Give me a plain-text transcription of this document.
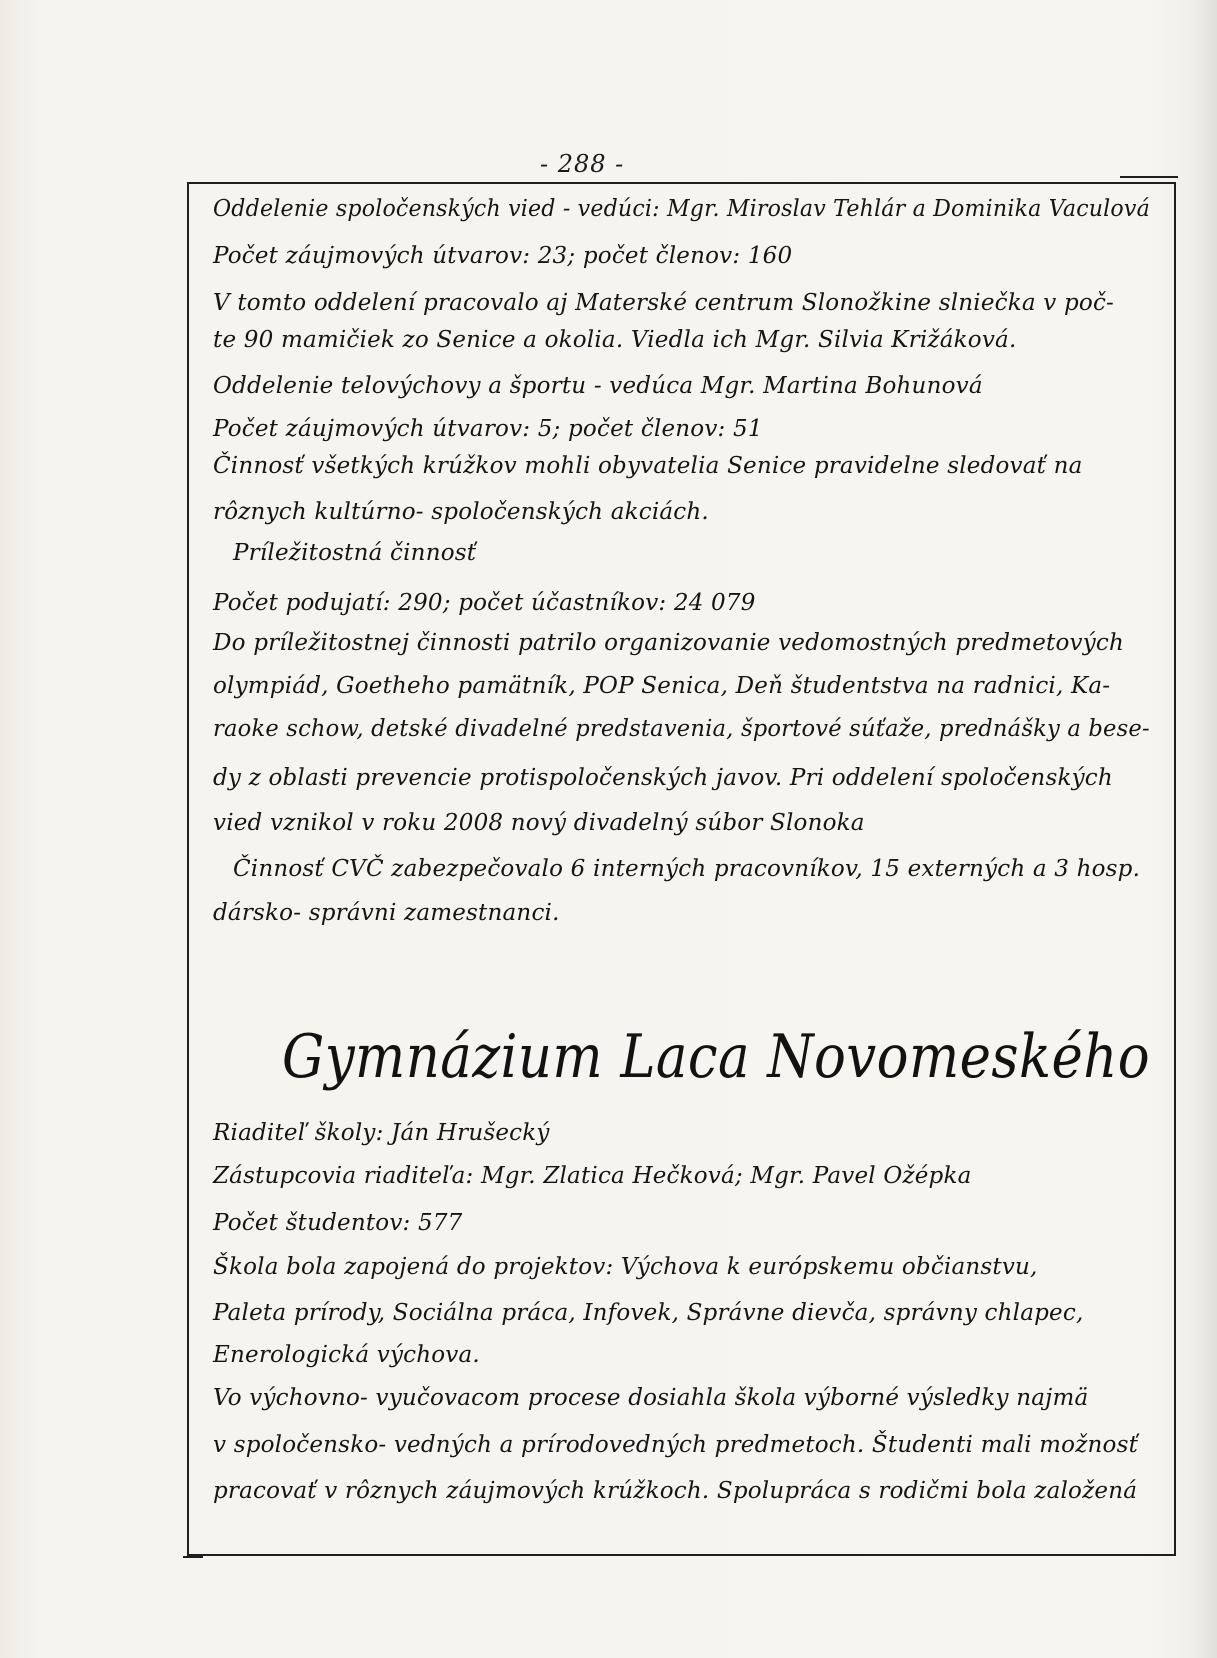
- 288 -
Oddelenie spoločenských vied - vedúci: Mgr. Miroslav Tehlár a Dominika Vaculová
Počet záujmových útvarov: 23; počet členov: 160
V tomto oddelení pracovalo aj Materské centrum Slonožkine slniečka v poč-
te 90 mamičiek zo Senice a okolia. Viedla ich Mgr. Silvia Križáková.
Oddelenie telovýchovy a športu - vedúca Mgr. Martina Bohunová
Počet záujmových útvarov: 5; počet členov: 51
Činnosť všetkých krúžkov mohli obyvatelia Senice pravidelne sledovať na
rôznych kultúrno- spoločenských akciách.
Príležitostná činnosť
Počet podujatí: 290; počet účastníkov: 24 079
Do príležitostnej činnosti patrilo organizovanie vedomostných predmetových
olympiád, Goetheho pamätník, POP Senica, Deň študentstva na radnici, Ka-
raoke schow, detské divadelné predstavenia, športové súťaže, prednášky a bese-
dy z oblasti prevencie protispoločenských javov. Pri oddelení spoločenských
vied vznikol v roku 2008 nový divadelný súbor Slonoka
Činnosť CVČ zabezpečovalo 6 interných pracovníkov, 15 externých a 3 hosp.
dársko- správni zamestnanci.
Gymnázium Laca Novomeského
Riaditeľ školy: Ján Hrušecký
Zástupcovia riaditeľa: Mgr. Zlatica Hečková; Mgr. Pavel Ožépka
Počet študentov: 577
Škola bola zapojená do projektov: Výchova k európskemu občianstvu,
Paleta prírody, Sociálna práca, Infovek, Správne dievča, správny chlapec,
Enerologická výchova.
Vo výchovno- vyučovacom procese dosiahla škola výborné výsledky najmä
v spoločensko- vedných a prírodovedných predmetoch. Študenti mali možnosť
pracovať v rôznych záujmových krúžkoch. Spolupráca s rodičmi bola založená
